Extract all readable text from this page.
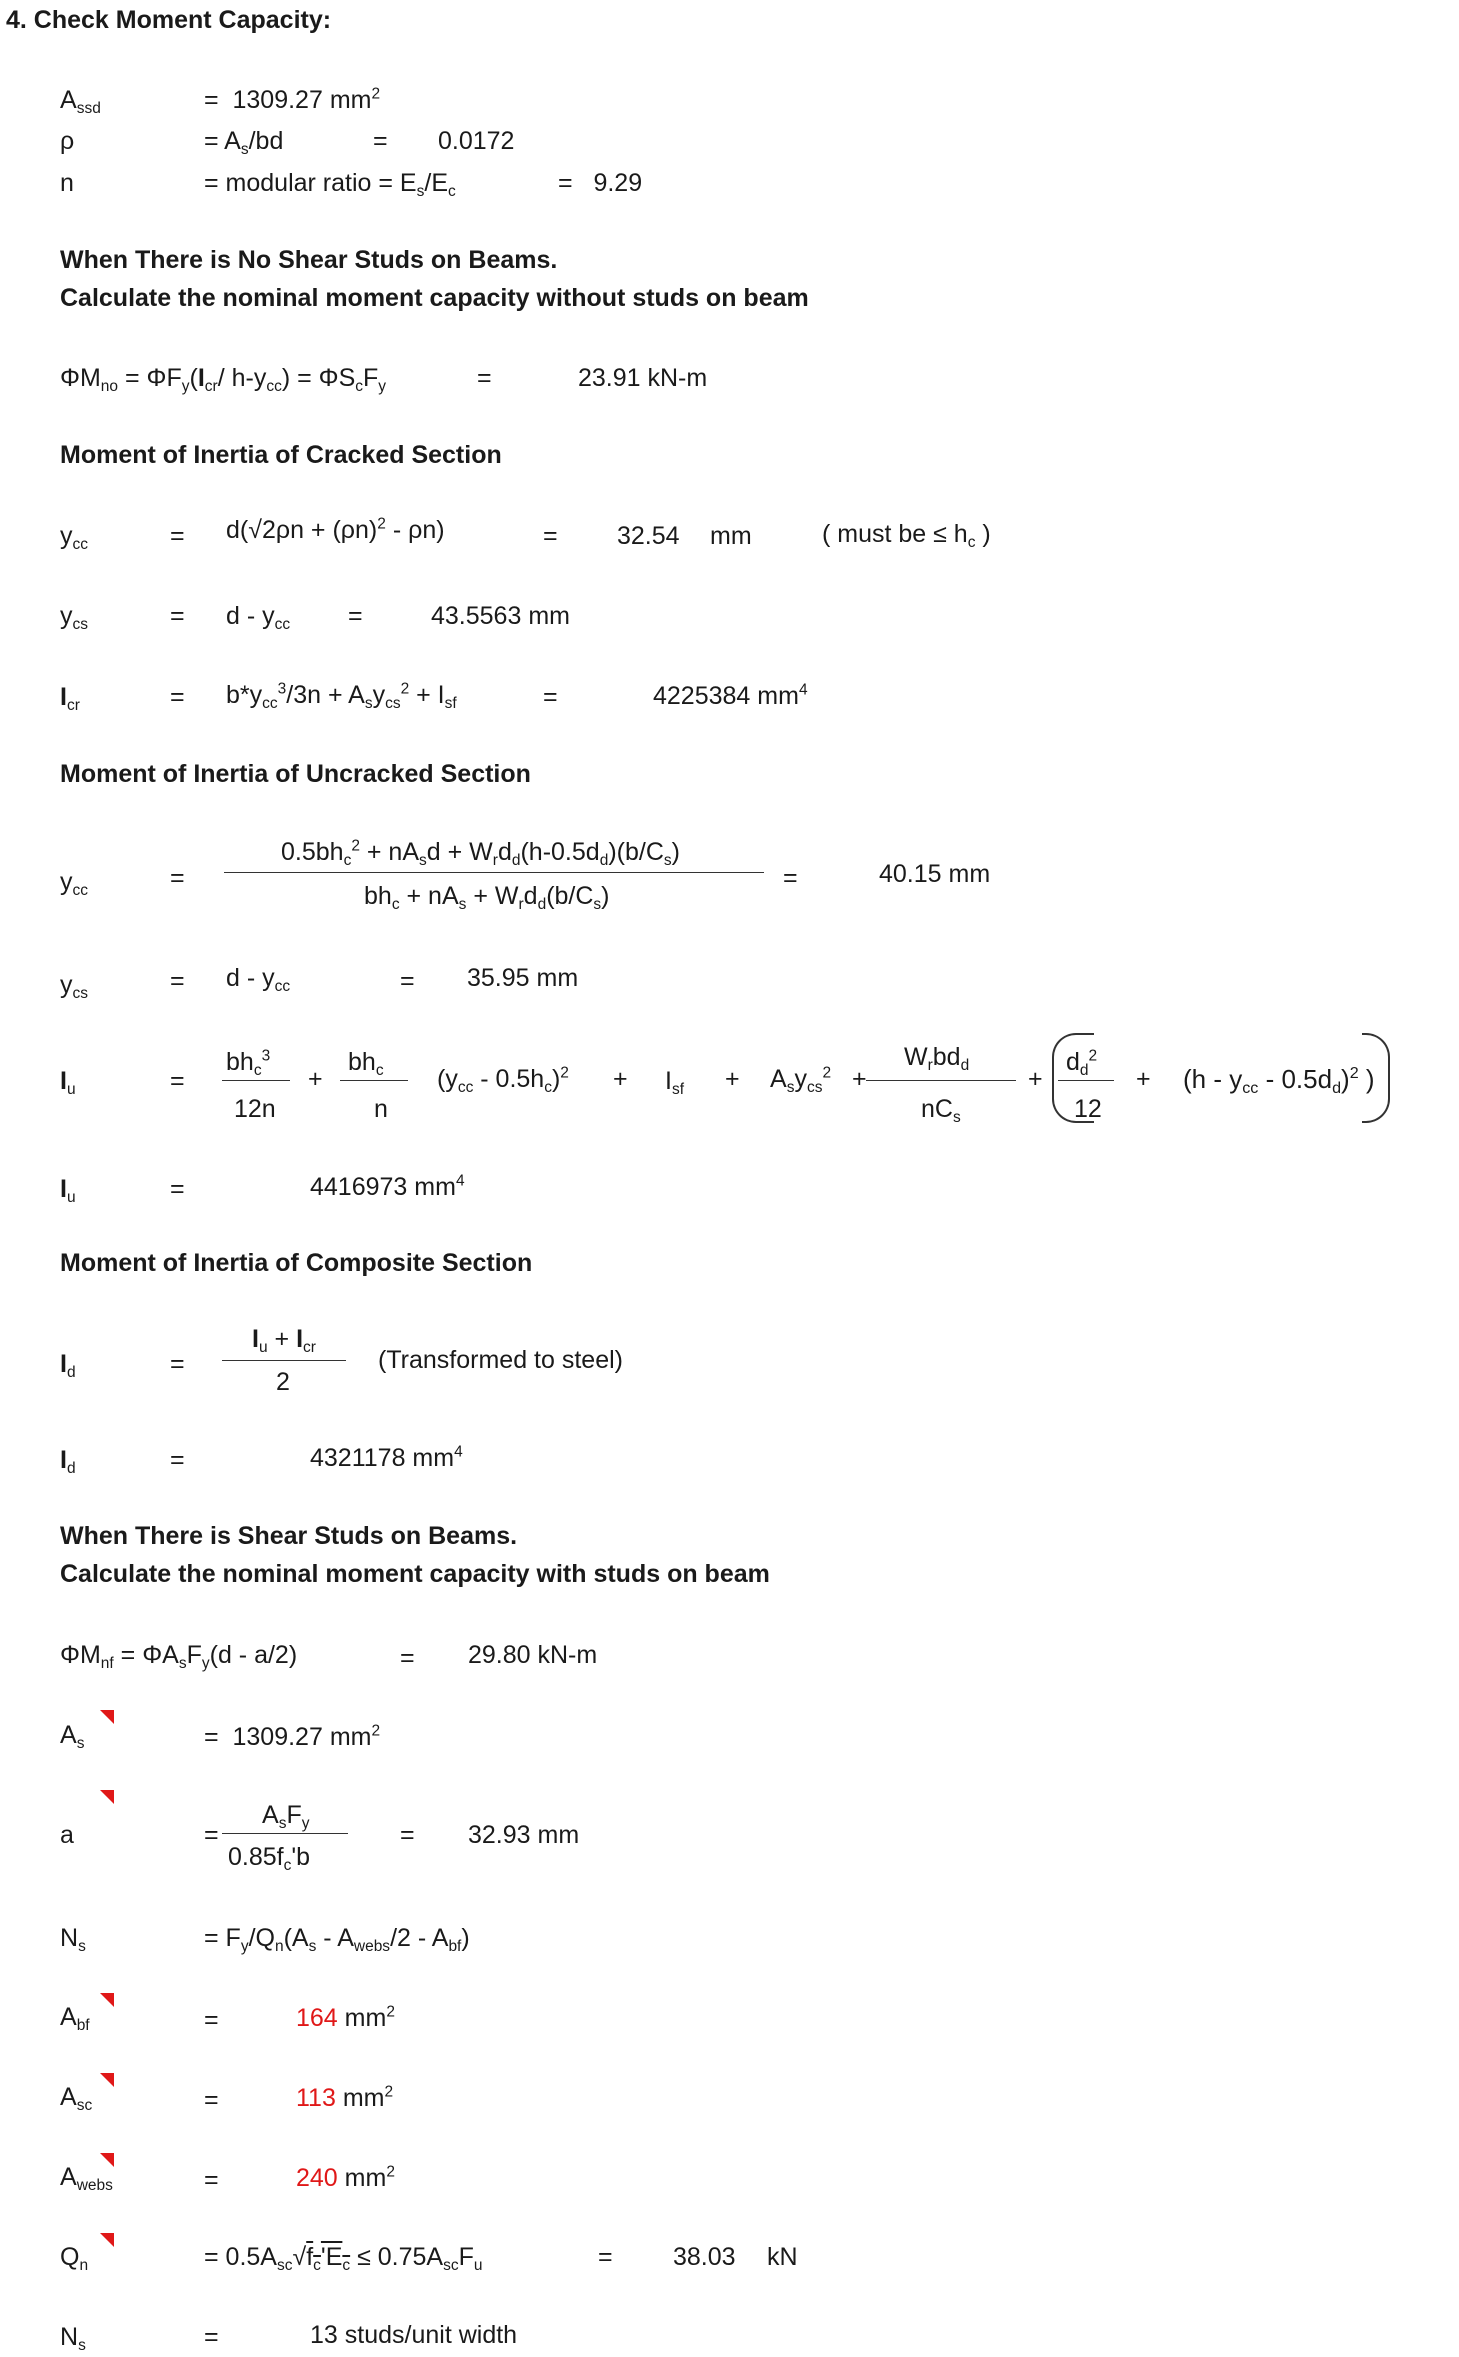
4. Check Moment Capacity:
$A_{ssd}$	=  1309.27 $mm^2$
ρ	= $A_s/bd$	= 0.0172
n	= modular ratio = $E_s/E_c$	= 9.29
When There is No Shear Studs on Beams.
Calculate the nominal moment capacity without studs on beam
$\Phi M_{no} = \Phi F_y(I_{cr}/$ $h-y_{cc}) = \Phi S_cF_y$	=	23.91 kN-m
Moment of Inertia of Cracked Section
$y_{cc}$	= $d(√2\rho n + (\rho n)^2 - \rho n)$	= 32.54 mm	( must be ≤ $h_c$ )
$y_{cs}$	= d - $y_{cc}$ =	43.5563 mm
$I_{cr}$	= $b*y_{cc}^3/3n + A_sy_{cs}^2 + I_{sf}$	=	4225384 $mm^4$
Moment of Inertia of Uncracked Section
$y_{cc}$	=
$0.5bh_c^2 + nA_sd + W_rd_d(h-0.5d_d)(b/C_s)$
$bh_c + nA_s + W_rd_d(b/C_s)$
=	40.15 mm
$y_{cs}$	= d - $y_{cc}$	= 35.95 mm
$I_u$	=
$bh_c^3$
12n
+
$bh_c$
n
$(y_{cc} - 0.5h_c)^2 + I_{sf} + A_sy_{cs}^2$ +
$W_rbd_d$
$nC_s$
+
$d_d^2$
12
+ $(h - y_{cc} - 0.5d_d)^2$ )
$I_u$	=	4416973 $mm^4$
Moment of Inertia of Composite Section
$I_d$	=
$I_u + I_{cr}$
2
(Transformed to steel)
$I_d$	=	4321178 $mm^4$
When There is Shear Studs on Beams.
Calculate the nominal moment capacity with studs on beam
$\Phi M_{nf} = \Phi A_sF_y(d - a/2)$	= 29.80 kN-m
$A_s$	=  1309.27 $mm^2$
a	=
$A_sF_y$
$0.85f_c'b$
= 32.93 mm
$N_s$	= $F_y/Q_n(A_s - A_{webs}/2 - A_{bf})$
$A_{bf}$	=	164 $mm^2$
$A_{sc}$	=	113 $mm^2$
$A_{webs}$	=	240 $mm^2$
$Q_n$	= $0.5A_{sc}√f_c'E_c \le 0.75A_{sc}F_u$	= 38.03 kN
$N_s$	=	13 studs/unit width
